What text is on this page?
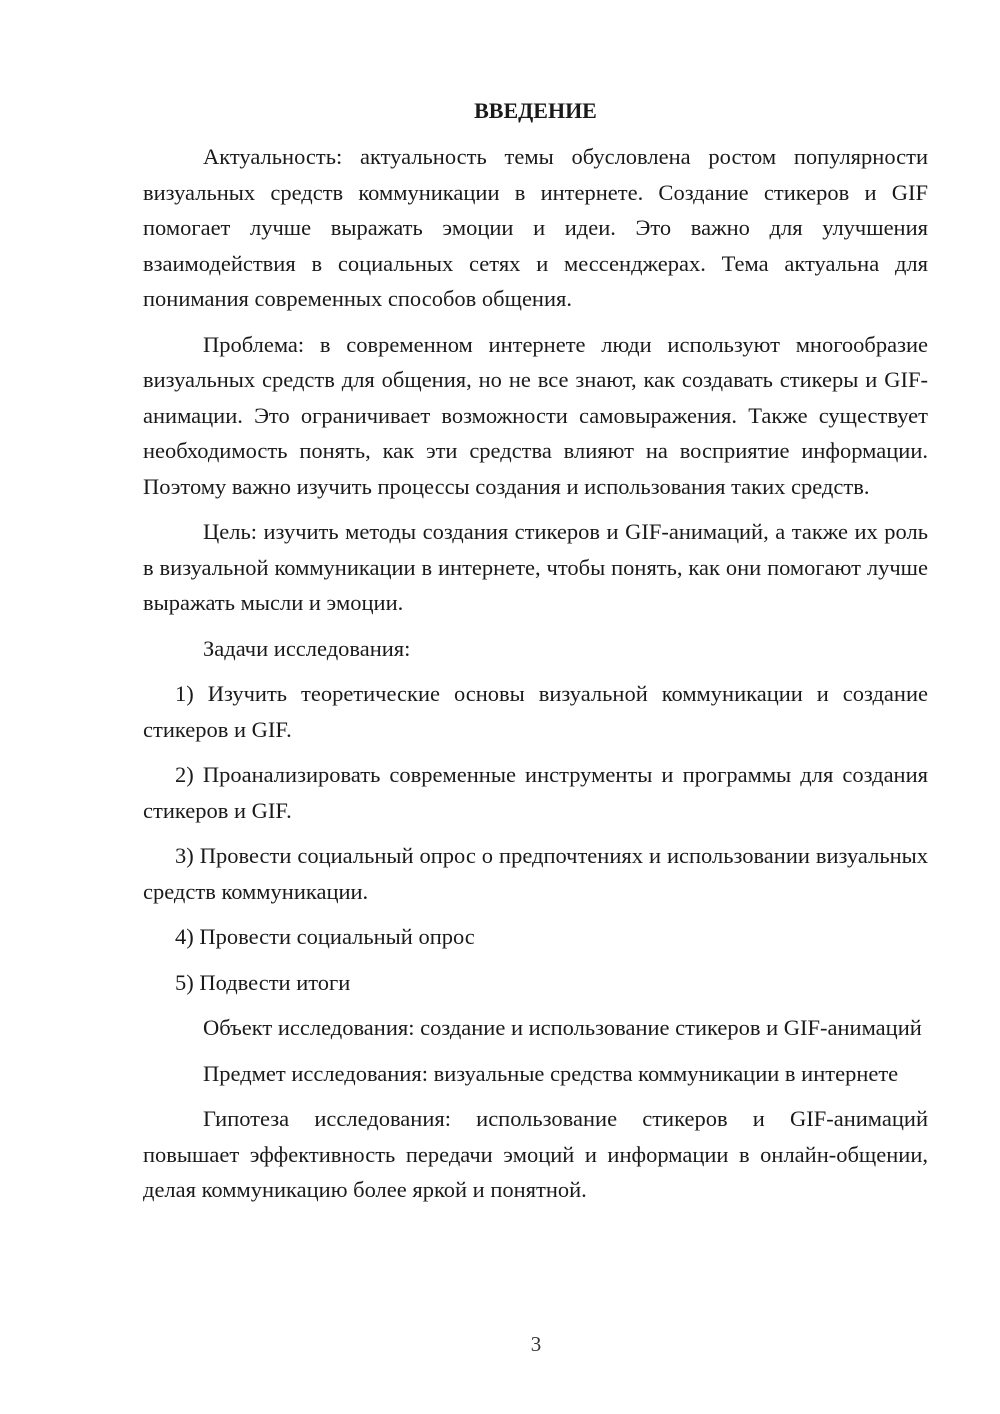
ВВЕДЕНИЕ

Актуальность: актуальность темы обусловлена ростом популярности визуальных средств коммуникации в интернете. Создание стикеров и GIF помогает лучше выражать эмоции и идеи. Это важно для улучшения взаимодействия в социальных сетях и мессенджерах. Тема актуальна для понимания современных способов общения.

Проблема: в современном интернете люди используют многообразие визуальных средств для общения, но не все знают, как создавать стикеры и GIF-анимации. Это ограничивает возможности самовыражения. Также существует необходимость понять, как эти средства влияют на восприятие информации. Поэтому важно изучить процессы создания и использования таких средств.

Цель: изучить методы создания стикеров и GIF-анимаций, а также их роль в визуальной коммуникации в интернете, чтобы понять, как они помогают лучше выражать мысли и эмоции.

Задачи исследования:

1) Изучить теоретические основы визуальной коммуникации и создание стикеров и GIF.

2) Проанализировать современные инструменты и программы для создания стикеров и GIF.

3) Провести социальный опрос о предпочтениях и использовании визуальных средств коммуникации.

4) Провести социальный опрос

5) Подвести итоги

Объект исследования: создание и использование стикеров и GIF-анимаций

Предмет исследования: визуальные средства коммуникации в интернете

Гипотеза исследования: использование стикеров и GIF-анимаций повышает эффективность передачи эмоций и информации в онлайн-общении, делая коммуникацию более яркой и понятной.

3
